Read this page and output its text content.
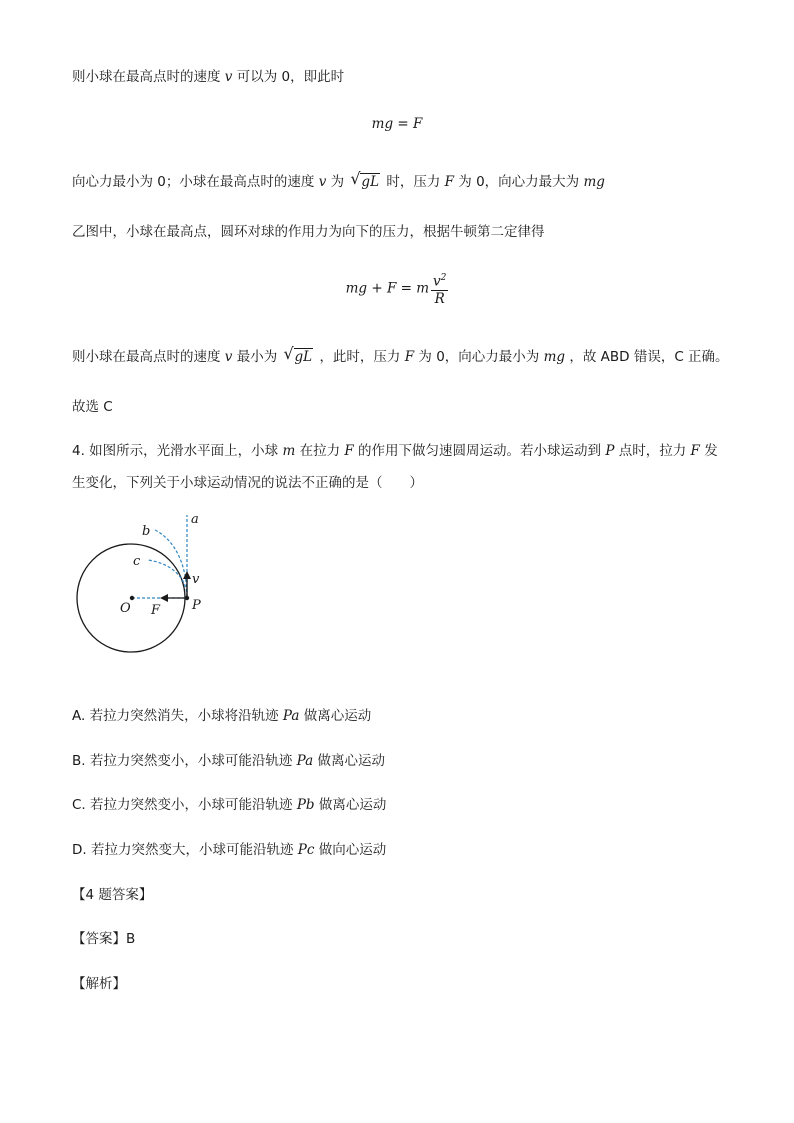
则小球在最高点时的速度 v 可以为 0，即此时
mg = F
向心力最小为 0；小球在最高点时的速度 v 为 √ gL 时，压力 F 为 0，向心力最大为 mg
乙图中，小球在最高点，圆环对球的作用力为向下的压力，根据牛顿第二定律得
mg + F = m $\frac{v^2}{R}$
则小球在最高点时的速度 v 最小为 √ gL ，此时，压力 F 为 0，向心力最小为 mg ，故 ABD 错误，C 正确。
故选 C
4. 如图所示，光滑水平面上，小球 m 在拉力 F 的作用下做匀速圆周运动。若小球运动到 P 点时，拉力 F 发
生变化，下列关于小球运动情况的说法不正确的是（　　）
a
b
c
v
O F P
A. 若拉力突然消失，小球将沿轨迹 Pa 做离心运动
B. 若拉力突然变小，小球可能沿轨迹 Pa 做离心运动
C. 若拉力突然变小，小球可能沿轨迹 Pb 做离心运动
D. 若拉力突然变大，小球可能沿轨迹 Pc 做向心运动
【4 题答案】
【答案】B
【解析】
